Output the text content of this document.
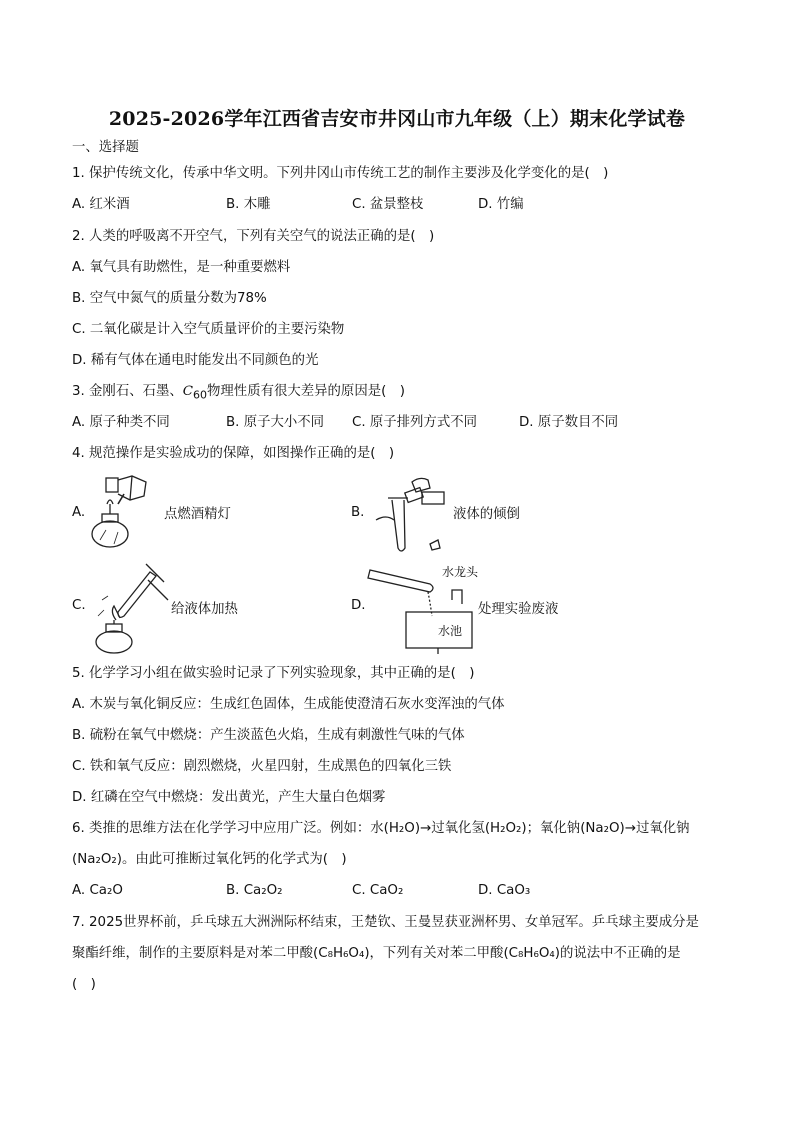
2025-2026学年江西省吉安市井冈山市九年级（上）期末化学试卷
一、选择题
1. 保护传统文化，传承中华文明。下列井冈山市传统工艺的制作主要涉及化学变化的是(　)
A. 红米酒	B. 木雕	C. 盆景整枝	D. 竹编
2. 人类的呼吸离不开空气，下列有关空气的说法正确的是(　)
A. 氧气具有助燃性，是一种重要燃料
B. 空气中氮气的质量分数为78%
C. 二氧化碳是计入空气质量评价的主要污染物
D. 稀有气体在通电时能发出不同颜色的光
3. 金刚石、石墨、$C_{60}$物理性质有很大差异的原因是(　)
A. 原子种类不同	B. 原子大小不同 C. 原子排列方式不同	D. 原子数目不同
4. 规范操作是实验成功的保障，如图操作正确的是(　)
A.	点燃酒精灯	B.	液体的倾倒
C.	给液体加热	D.
水龙头
水池
处理实验废液
5. 化学学习小组在做实验时记录了下列实验现象，其中正确的是(　)
A. 木炭与氧化铜反应：生成红色固体，生成能使澄清石灰水变浑浊的气体
B. 硫粉在氧气中燃烧：产生淡蓝色火焰，生成有刺激性气味的气体
C. 铁和氧气反应：剧烈燃烧，火星四射，生成黑色的四氧化三铁
D. 红磷在空气中燃烧：发出黄光，产生大量白色烟雾
6. 类推的思维方法在化学学习中应用广泛。例如：水(H₂O)→过氧化氢(H₂O₂)；氧化钠(Na₂O)→过氧化钠
(Na₂O₂)。由此可推断过氧化钙的化学式为(　)
A. Ca₂O	B. Ca₂O₂	C. CaO₂	D. CaO₃
7. 2025世界杯前，乒乓球五大洲洲际杯结束，王楚钦、王曼昱获亚洲杯男、女单冠军。乒乓球主要成分是
聚酯纤维，制作的主要原料是对苯二甲酸(C₈H₆O₄)，下列有关对苯二甲酸(C₈H₆O₄)的说法中不正确的是
(　)
